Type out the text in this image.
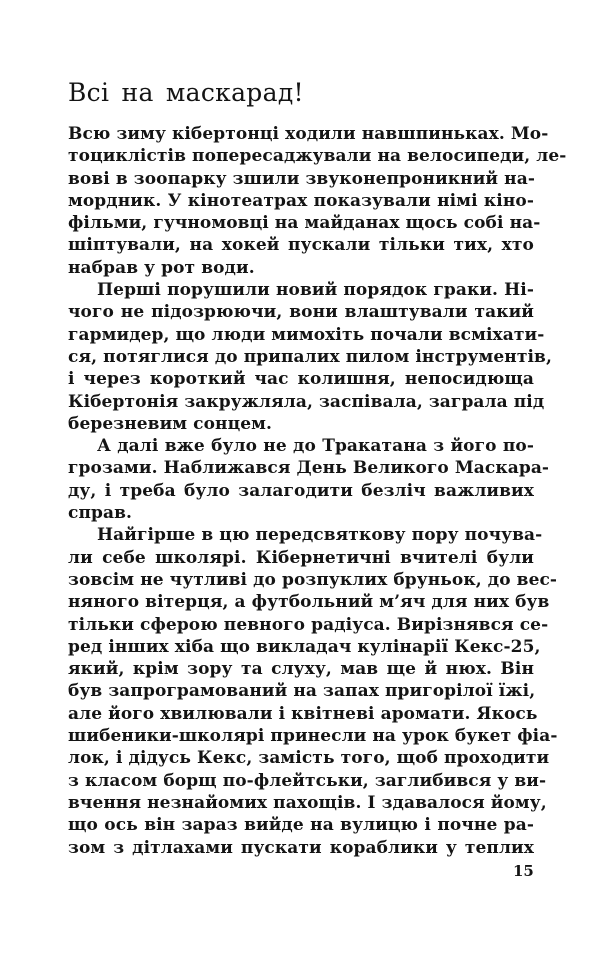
Всі на маскарад!
Всю зиму кібертонці ходили навшпиньках. Мо-
тоциклістів попересаджували на велосипеди, ле-
вові в зоопарку зшили звуконепроникний на-
мордник. У кінотеатрах показували німі кіно-
фільми, гучномовці на майданах щось собі на-
шіптували, на хокей пускали тільки тих, хто
набрав у рот води.
Перші порушили новий порядок граки. Ні-
чого не підозрюючи, вони влаштували такий
гармидер, що люди мимохіть почали всміхати-
ся, потяглися до припалих пилом інструментів,
і через короткий час колишня, непосидюща
Кібертонія закружляла, заспівала, заграла під
березневим сонцем.
А далі вже було не до Тракатана з його по-
грозами. Наближався День Великого Маскара-
ду, і треба було залагодити безліч важливих
справ.
Найгірше в цю передсвяткову пору почува-
ли себе школярі. Кібернетичні вчителі були
зовсім не чутливі до розпуклих бруньок, до вес-
няного вітерця, а футбольний м’яч для них був
тільки сферою певного радіуса. Вирізнявся се-
ред інших хіба що викладач кулінарії Кекс-25,
який, крім зору та слуху, мав ще й нюх. Він
був запрограмований на запах пригорілої їжі,
але його хвилювали і квітневі аромати. Якось
шибеники-школярі принесли на урок букет фіа-
лок, і дідусь Кекс, замість того, щоб проходити
з класом борщ по-флейтськи, заглибився у ви-
вчення незнайомих пахощів. І здавалося йому,
що ось він зараз вийде на вулицю і почне ра-
зом з дітлахами пускати кораблики у теплих
15
